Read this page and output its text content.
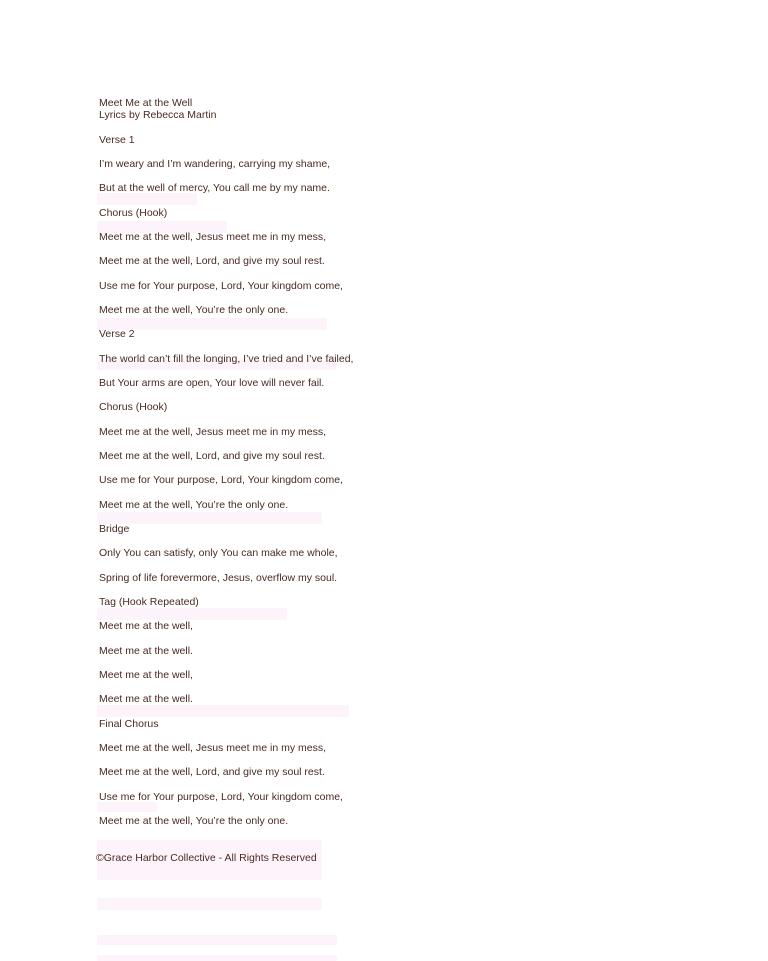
Meet Me at the Well
Lyrics by Rebecca Martin
Verse 1
I’m weary and I’m wandering, carrying my shame,
But at the well of mercy, You call me by my name.
Chorus (Hook)
Meet me at the well, Jesus meet me in my mess,
Meet me at the well, Lord, and give my soul rest.
Use me for Your purpose, Lord, Your kingdom come,
Meet me at the well, You’re the only one.
Verse 2
The world can’t fill the longing, I’ve tried and I’ve failed,
But Your arms are open, Your love will never fail.
Chorus (Hook)
Meet me at the well, Jesus meet me in my mess,
Meet me at the well, Lord, and give my soul rest.
Use me for Your purpose, Lord, Your kingdom come,
Meet me at the well, You’re the only one.
Bridge
Only You can satisfy, only You can make me whole,
Spring of life forevermore, Jesus, overflow my soul.
Tag (Hook Repeated)
Meet me at the well,
Meet me at the well.
Meet me at the well,
Meet me at the well.
Final Chorus
Meet me at the well, Jesus meet me in my mess,
Meet me at the well, Lord, and give my soul rest.
Use me for Your purpose, Lord, Your kingdom come,
Meet me at the well, You’re the only one.
©Grace Harbor Collective - All Rights Reserved
